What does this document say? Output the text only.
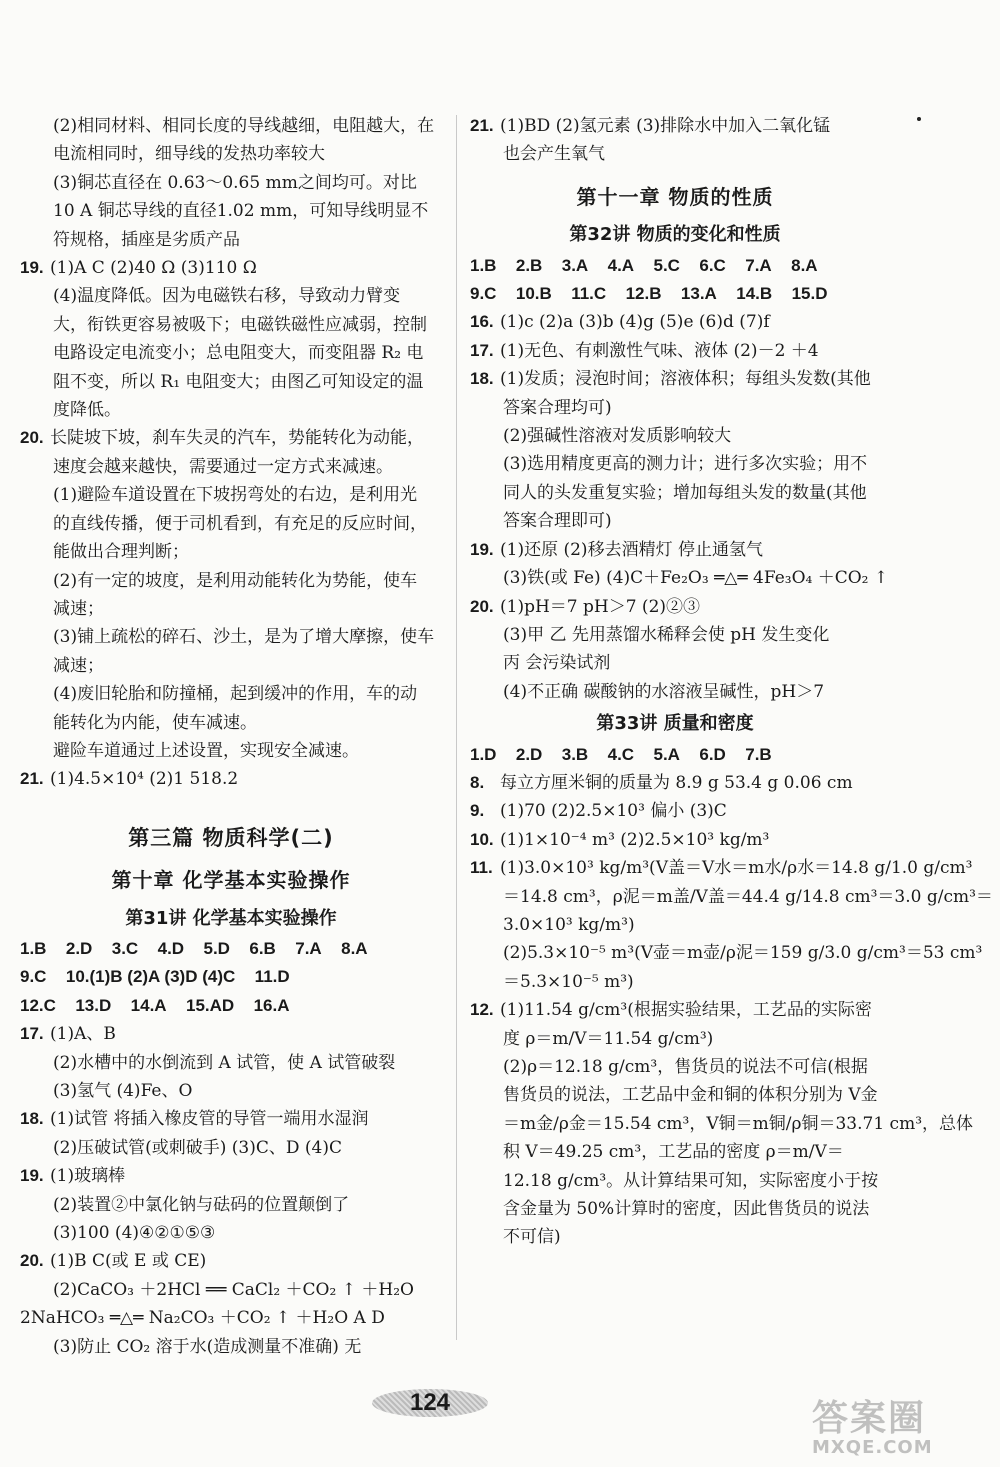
(2)相同材料、相同长度的导线越细，电阻越大，在
电流相同时，细导线的发热功率较大
(3)铜芯直径在 0.63～0.65 mm之间均可。对比
10 A 铜芯导线的直径1.02 mm，可知导线明显不
符规格，插座是劣质产品
19. (1)A C (2)40 Ω (3)110 Ω
(4)温度降低。因为电磁铁右移，导致动力臂变
大，衔铁更容易被吸下；电磁铁磁性应减弱，控制
电路设定电流变小；总电阻变大，而变阻器 R₂ 电
阻不变，所以 R₁ 电阻变大；由图乙可知设定的温
度降低。
20. 长陡坡下坡，刹车失灵的汽车，势能转化为动能，
速度会越来越快，需要通过一定方式来减速。
(1)避险车道设置在下坡拐弯处的右边，是利用光
的直线传播，便于司机看到，有充足的反应时间，
能做出合理判断；
(2)有一定的坡度，是利用动能转化为势能，使车
减速；
(3)铺上疏松的碎石、沙土，是为了增大摩擦，使车
减速；
(4)废旧轮胎和防撞桶，起到缓冲的作用，车的动
能转化为内能，使车减速。
避险车道通过上述设置，实现安全减速。
21. (1)4.5×10⁴ (2)1 518.2
第三篇 物质科学(二)
第十章 化学基本实验操作
第31讲 化学基本实验操作
1.B 2.D 3.C 4.D 5.D 6.B 7.A 8.A
9.C 10.(1)B (2)A (3)D (4)C 11.D
12.C 13.D 14.A 15.AD 16.A
17. (1)A、B
(2)水槽中的水倒流到 A 试管，使 A 试管破裂
(3)氢气 (4)Fe、O
18. (1)试管 将插入橡皮管的导管一端用水湿润
(2)压破试管(或刺破手) (3)C、D (4)C
19. (1)玻璃棒
(2)装置②中氯化钠与砝码的位置颠倒了
(3)100 (4)④②①⑤③
20. (1)B C(或 E 或 CE)
(2)CaCO₃ ＋2HCl ══ CaCl₂ ＋CO₂ ↑ ＋H₂O
2NaHCO₃ ═△═ Na₂CO₃ ＋CO₂ ↑ ＋H₂O A D
(3)防止 CO₂ 溶于水(造成测量不准确) 无
21. (1)BD (2)氢元素 (3)排除水中加入二氧化锰
也会产生氧气
第十一章 物质的性质
第32讲 物质的变化和性质
1.B 2.B 3.A 4.A 5.C 6.C 7.A 8.A
9.C 10.B 11.C 12.B 13.A 14.B 15.D
16. (1)c (2)a (3)b (4)g (5)e (6)d (7)f
17. (1)无色、有刺激性气味、液体 (2)－2 ＋4
18. (1)发质；浸泡时间；溶液体积；每组头发数(其他
答案合理均可)
(2)强碱性溶液对发质影响较大
(3)选用精度更高的测力计；进行多次实验；用不
同人的头发重复实验；增加每组头发的数量(其他
答案合理即可)
19. (1)还原 (2)移去酒精灯 停止通氢气
(3)铁(或 Fe) (4)C＋Fe₂O₃ ═△═ 4Fe₃O₄ ＋CO₂ ↑
20. (1)pH＝7 pH＞7 (2)②③
(3)甲 乙 先用蒸馏水稀释会使 pH 发生变化
丙 会污染试剂
(4)不正确 碳酸钠的水溶液呈碱性，pH＞7
第33讲 质量和密度
1.D 2.D 3.B 4.C 5.A 6.D 7.B
8. 每立方厘米铜的质量为 8.9 g 53.4 g 0.06 cm
9. (1)70 (2)2.5×10³ 偏小 (3)C
10. (1)1×10⁻⁴ m³ (2)2.5×10³ kg/m³
11. (1)3.0×10³ kg/m³(V盖＝V水＝m水/ρ水＝14.8 g/1.0 g/cm³
＝14.8 cm³，ρ泥＝m盖/V盖＝44.4 g/14.8 cm³＝3.0 g/cm³＝
3.0×10³ kg/m³)
(2)5.3×10⁻⁵ m³(V壶＝m壶/ρ泥＝159 g/3.0 g/cm³＝53 cm³
＝5.3×10⁻⁵ m³)
12. (1)11.54 g/cm³(根据实验结果，工艺品的实际密
度 ρ＝m/V＝11.54 g/cm³)
(2)ρ＝12.18 g/cm³，售货员的说法不可信(根据
售货员的说法，工艺品中金和铜的体积分别为 V金
＝m金/ρ金＝15.54 cm³，V铜＝m铜/ρ铜＝33.71 cm³，总体
积 V＝49.25 cm³，工艺品的密度 ρ＝m/V＝
12.18 g/cm³。从计算结果可知，实际密度小于按
含金量为 50%计算时的密度，因此售货员的说法
不可信)
124	答案圈
MXQE.COM
